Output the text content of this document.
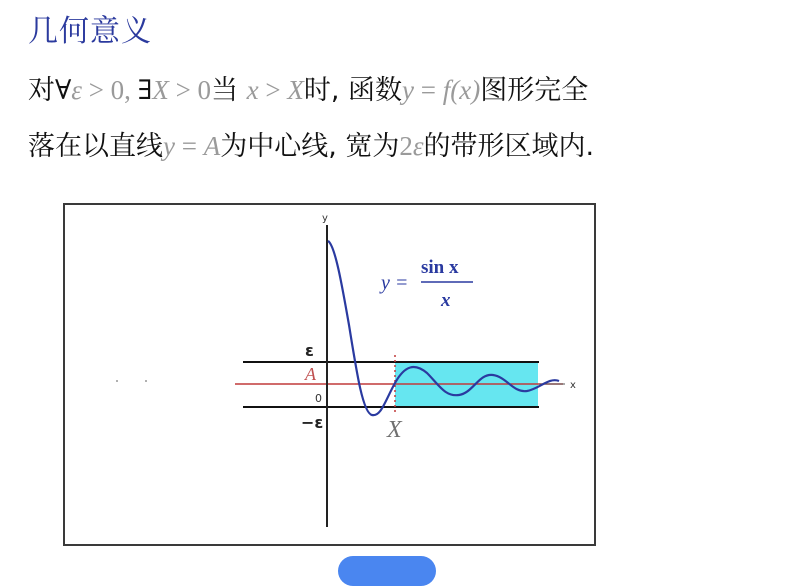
几何意义
对∀ε > 0, ∃X > 0当 x > X时, 函数y = f(x)图形完全
落在以直线y = A为中心线, 宽为2ε的带形区域内.
y
x
ε
A
0
−ε	X
y =
sin x
x
